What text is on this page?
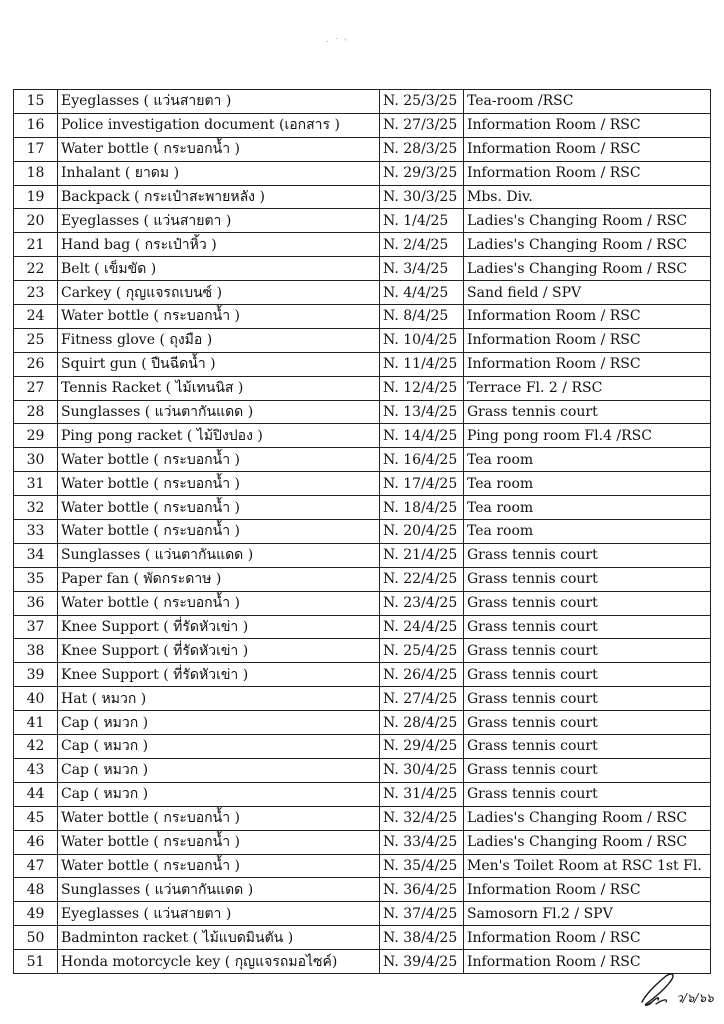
· ˙ '
15	Eyeglasses ( แว่นสายตา )	N. 25/3/25	Tea-room /RSC
16	Police investigation document (เอกสาร )	N. 27/3/25	Information Room / RSC
17	Water bottle ( กระบอกน้ำ )	N. 28/3/25	Information Room / RSC
18	Inhalant ( ยาดม )	N. 29/3/25	Information Room / RSC
19	Backpack ( กระเป๋าสะพายหลัง )	N. 30/3/25	Mbs. Div.
20	Eyeglasses ( แว่นสายตา )	N. 1/4/25	Ladies's Changing Room / RSC
21	Hand bag ( กระเป๋าหิ้ว )	N. 2/4/25	Ladies's Changing Room / RSC
22	Belt ( เข็มขัด )	N. 3/4/25	Ladies's Changing Room / RSC
23	Carkey ( กุญแจรถเบนซ์ )	N. 4/4/25	Sand field / SPV
24	Water bottle ( กระบอกน้ำ )	N. 8/4/25	Information Room / RSC
25	Fitness glove ( ถุงมือ )	N. 10/4/25	Information Room / RSC
26	Squirt gun ( ปืนฉีดน้ำ )	N. 11/4/25	Information Room / RSC
27	Tennis Racket ( ไม้เทนนิส )	N. 12/4/25	Terrace Fl. 2 / RSC
28	Sunglasses ( แว่นตากันแดด )	N. 13/4/25	Grass tennis court
29	Ping pong racket ( ไม้ปิงปอง )	N. 14/4/25	Ping pong room Fl.4 /RSC
30	Water bottle ( กระบอกน้ำ )	N. 16/4/25	Tea room
31	Water bottle ( กระบอกน้ำ )	N. 17/4/25	Tea room
32	Water bottle ( กระบอกน้ำ )	N. 18/4/25	Tea room
33	Water bottle ( กระบอกน้ำ )	N. 20/4/25	Tea room
34	Sunglasses ( แว่นตากันแดด )	N. 21/4/25	Grass tennis court
35	Paper fan ( พัดกระดาษ )	N. 22/4/25	Grass tennis court
36	Water bottle ( กระบอกน้ำ )	N. 23/4/25	Grass tennis court
37	Knee Support ( ที่รัดหัวเข่า )	N. 24/4/25	Grass tennis court
38	Knee Support ( ที่รัดหัวเข่า )	N. 25/4/25	Grass tennis court
39	Knee Support ( ที่รัดหัวเข่า )	N. 26/4/25	Grass tennis court
40	Hat ( หมวก )	N. 27/4/25	Grass tennis court
41	Cap ( หมวก )	N. 28/4/25	Grass tennis court
42	Cap ( หมวก )	N. 29/4/25	Grass tennis court
43	Cap ( หมวก )	N. 30/4/25	Grass tennis court
44	Cap ( หมวก )	N. 31/4/25	Grass tennis court
45	Water bottle ( กระบอกน้ำ )	N. 32/4/25	Ladies's Changing Room / RSC
46	Water bottle ( กระบอกน้ำ )	N. 33/4/25	Ladies's Changing Room / RSC
47	Water bottle ( กระบอกน้ำ )	N. 35/4/25	Men's Toilet Room at RSC 1st Fl.
48	Sunglasses ( แว่นตากันแดด )	N. 36/4/25	Information Room / RSC
49	Eyeglasses ( แว่นสายตา )	N. 37/4/25	Samosorn Fl.2 / SPV
50	Badminton racket ( ไม้แบดมินตัน )	N. 38/4/25	Information Room / RSC
51	Honda motorcycle key ( กุญแจรถมอไซค์)	N. 39/4/25	Information Room / RSC
ว/๖/๖๖
